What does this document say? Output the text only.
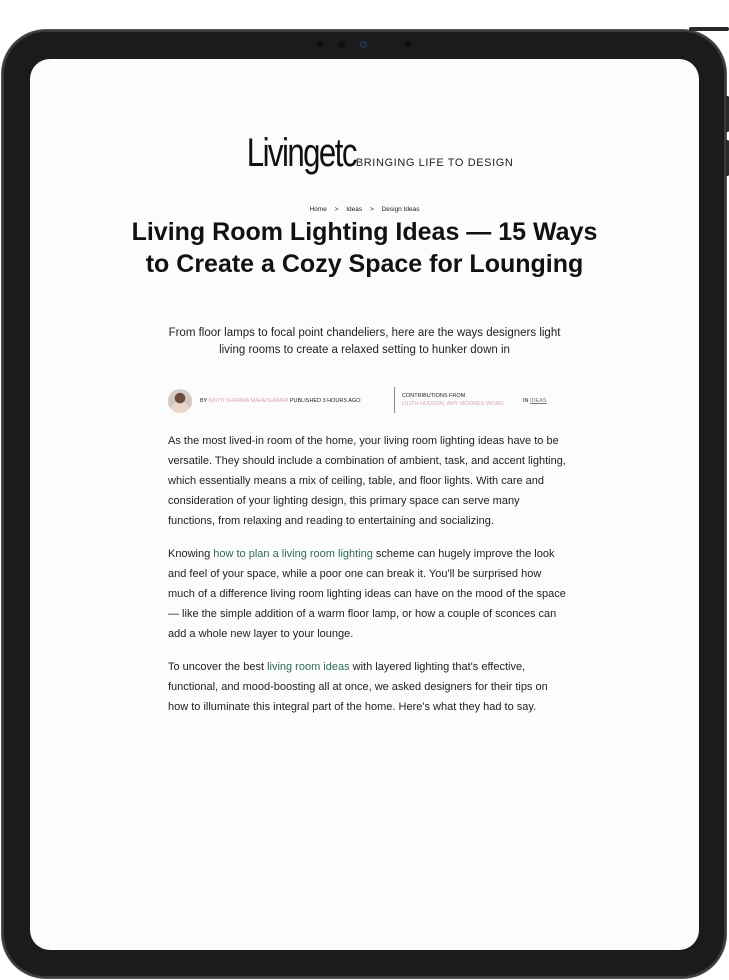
Livingetc BRINGING LIFE TO DESIGN
Home > Ideas > Design Ideas
Living Room Lighting Ideas — 15 Ways to Create a Cozy Space for Lounging

From floor lamps to focal point chandeliers, here are the ways designers light living rooms to create a relaxed setting to hunker down in

BY NIVITI SHARMA MAHESHWARI PUBLISHED 3 HOURS AGO
CONTRIBUTIONS FROM
LILITH HUDSON, AMY MOORES WONG	IN IDEAS

As the most lived-in room of the home, your living room lighting ideas have to be versatile. They should include a combination of ambient, task, and accent lighting, which essentially means a mix of ceiling, table, and floor lights. With care and consideration of your lighting design, this primary space can serve many functions, from relaxing and reading to entertaining and socializing.

Knowing how to plan a living room lighting scheme can hugely improve the look and feel of your space, while a poor one can break it. You'll be surprised how much of a difference living room lighting ideas can have on the mood of the space — like the simple addition of a warm floor lamp, or how a couple of sconces can add a whole new layer to your lounge.

To uncover the best living room ideas with layered lighting that's effective, functional, and mood-boosting all at once, we asked designers for their tips on how to illuminate this integral part of the home. Here's what they had to say.
